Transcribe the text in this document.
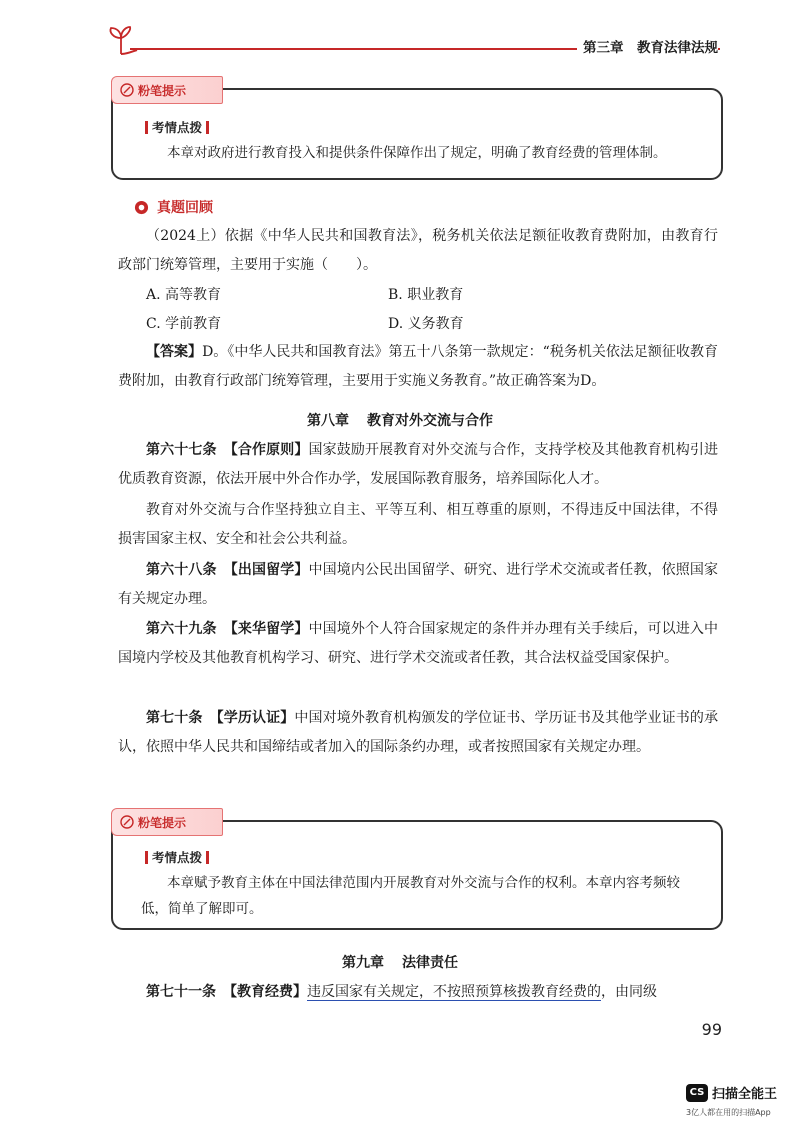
第三章　教育法律法规
粉笔提示
考情点拨
本章对政府进行教育投入和提供条件保障作出了规定，明确了教育经费的管理体制。
真题回顾
（2024上）依据《中华人民共和国教育法》，税务机关依法足额征收教育费附加，由教育行政部门统筹管理，主要用于实施（　　）。
A. 高等教育	B. 职业教育
C. 学前教育	D. 义务教育
【答案】D。《中华人民共和国教育法》第五十八条第一款规定：“税务机关依法足额征收教育费附加，由教育行政部门统筹管理，主要用于实施义务教育。”故正确答案为D。
第八章 教育对外交流与合作
第六十七条　【合作原则】国家鼓励开展教育对外交流与合作，支持学校及其他教育机构引进优质教育资源，依法开展中外合作办学，发展国际教育服务，培养国际化人才。
教育对外交流与合作坚持独立自主、平等互利、相互尊重的原则，不得违反中国法律，不得损害国家主权、安全和社会公共利益。
第六十八条　【出国留学】中国境内公民出国留学、研究、进行学术交流或者任教，依照国家有关规定办理。
第六十九条　【来华留学】中国境外个人符合国家规定的条件并办理有关手续后，可以进入中国境内学校及其他教育机构学习、研究、进行学术交流或者任教，其合法权益受国家保护。
第七十条　【学历认证】中国对境外教育机构颁发的学位证书、学历证书及其他学业证书的承认，依照中华人民共和国缔结或者加入的国际条约办理，或者按照国家有关规定办理。
粉笔提示
考情点拨
本章赋予教育主体在中国法律范围内开展教育对外交流与合作的权利。本章内容考频较低，简单了解即可。
第九章 法律责任
第七十一条　【教育经费】违反国家有关规定，不按照预算核拨教育经费的，由同级
99
CS 扫描全能王
3亿人都在用的扫描App
